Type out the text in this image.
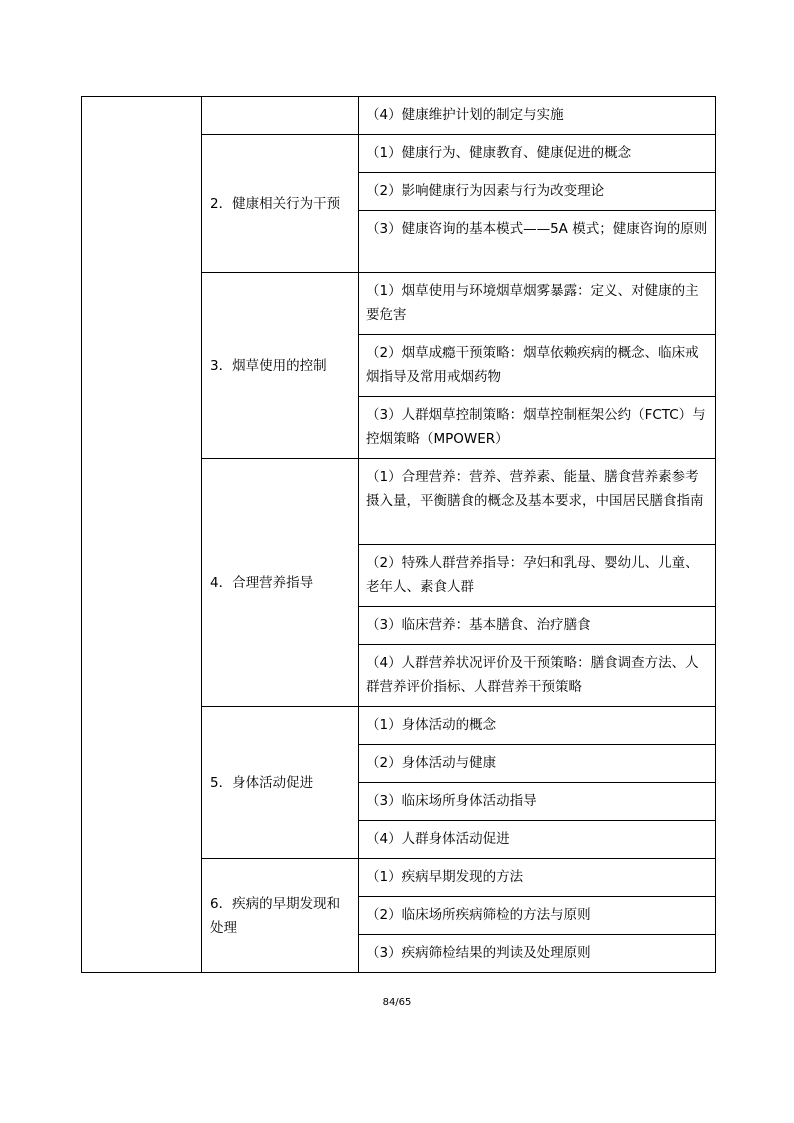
		（4）健康维护计划的制定与实施
	2．健康相关行为干预	（1）健康行为、健康教育、健康促进的概念
		（2）影响健康行为因素与行为改变理论
		（3）健康咨询的基本模式——5A 模式；健康咨询的原则
	3．烟草使用的控制	（1）烟草使用与环境烟草烟雾暴露：定义、对健康的主要危害
		（2）烟草成瘾干预策略：烟草依赖疾病的概念、临床戒烟指导及常用戒烟药物
		（3）人群烟草控制策略：烟草控制框架公约（FCTC）与控烟策略（MPOWER）
	4．合理营养指导	（1）合理营养：营养、营养素、能量、膳食营养素参考摄入量，平衡膳食的概念及基本要求，中国居民膳食指南
		（2）特殊人群营养指导：孕妇和乳母、婴幼儿、儿童、老年人、素食人群
		（3）临床营养：基本膳食、治疗膳食
		（4）人群营养状况评价及干预策略：膳食调查方法、人群营养评价指标、人群营养干预策略
	5．身体活动促进	（1）身体活动的概念
		（2）身体活动与健康
		（3）临床场所身体活动指导
		（4）人群身体活动促进
	6．疾病的早期发现和处理	（1）疾病早期发现的方法
		（2）临床场所疾病筛检的方法与原则
		（3）疾病筛检结果的判读及处理原则
84/65
